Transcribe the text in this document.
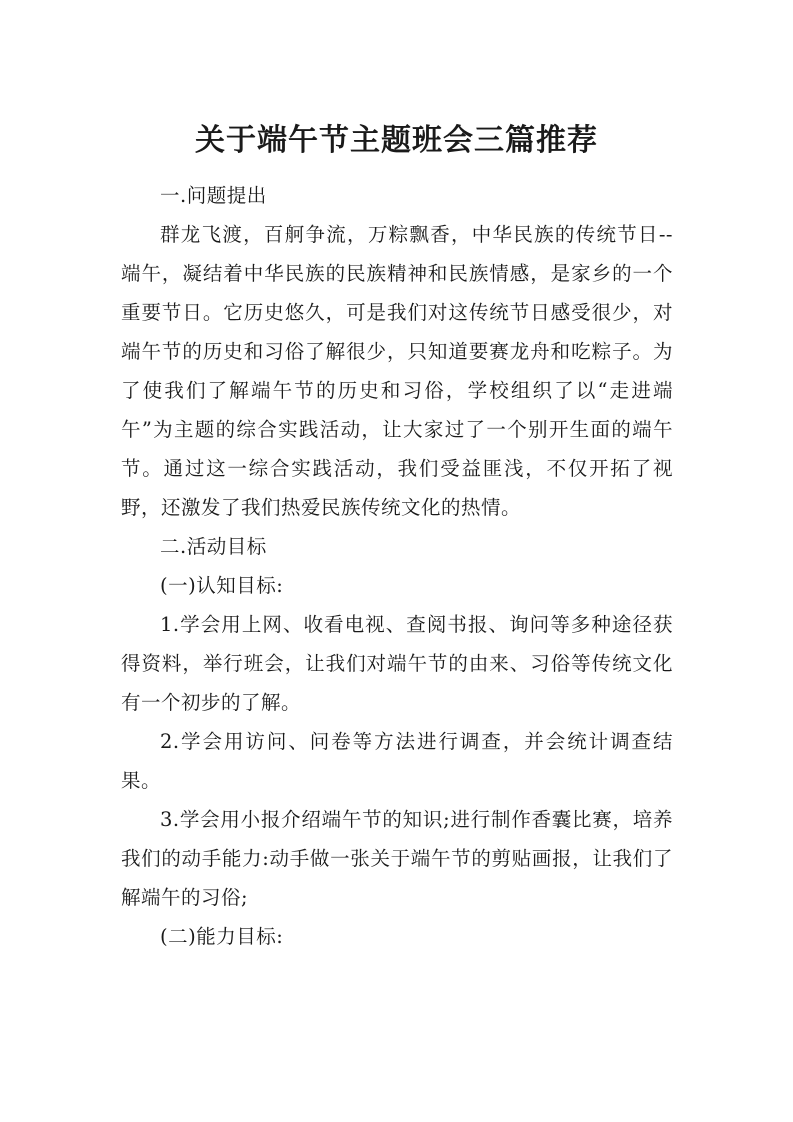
关于端午节主题班会三篇推荐

一.问题提出

群龙飞渡，百舸争流，万粽飘香，中华民族的传统节日--端午，凝结着中华民族的民族精神和民族情感，是家乡的一个重要节日。它历史悠久，可是我们对这传统节日感受很少，对端午节的历史和习俗了解很少，只知道要赛龙舟和吃粽子。为了使我们了解端午节的历史和习俗，学校组织了以“走进端午”为主题的综合实践活动，让大家过了一个别开生面的端午节。通过这一综合实践活动，我们受益匪浅，不仅开拓了视野，还激发了我们热爱民族传统文化的热情。

二.活动目标

(一)认知目标:

1.学会用上网、收看电视、查阅书报、询问等多种途径获得资料，举行班会，让我们对端午节的由来、习俗等传统文化有一个初步的了解。

2.学会用访问、问卷等方法进行调查，并会统计调查结果。

3.学会用小报介绍端午节的知识;进行制作香囊比赛，培养我们的动手能力:动手做一张关于端午节的剪贴画报，让我们了解端午的习俗;

(二)能力目标:
